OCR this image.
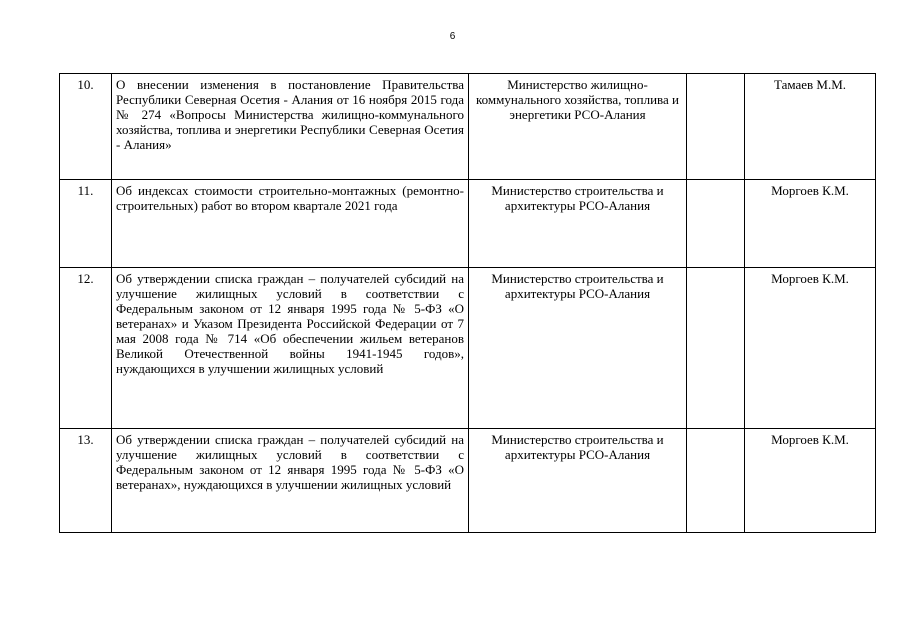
6
10.	О внесении изменения в постановление Правительства Республики Северная Осетия - Алания от 16 ноября 2015 года № 274 «Вопросы Министерства жилищно-коммунального хозяйства, топлива и энергетики Республики Северная Осетия - Алания»	Министерство жилищно-коммунального хозяйства, топлива и энергетики РСО-Алания		Тамаев М.М.
11.	Об индексах стоимости строительно-монтажных (ремонтно-строительных) работ во втором квартале 2021 года	Министерство строительства и архитектуры РСО-Алания		Моргоев К.М.
12.	Об утверждении списка граждан – получателей субсидий на улучшение жилищных условий в соответствии с Федеральным законом от 12 января 1995 года № 5-ФЗ «О ветеранах» и Указом Президента Российской Федерации от 7 мая 2008 года № 714 «Об обеспечении жильем ветеранов Великой Отечественной войны 1941-1945 годов», нуждающихся в улучшении жилищных условий	Министерство строительства и архитектуры РСО-Алания		Моргоев К.М.
13.	Об утверждении списка граждан – получателей субсидий на улучшение жилищных условий в соответствии с Федеральным законом от 12 января 1995 года № 5-ФЗ «О ветеранах», нуждающихся в улучшении жилищных условий	Министерство строительства и архитектуры РСО-Алания		Моргоев К.М.
